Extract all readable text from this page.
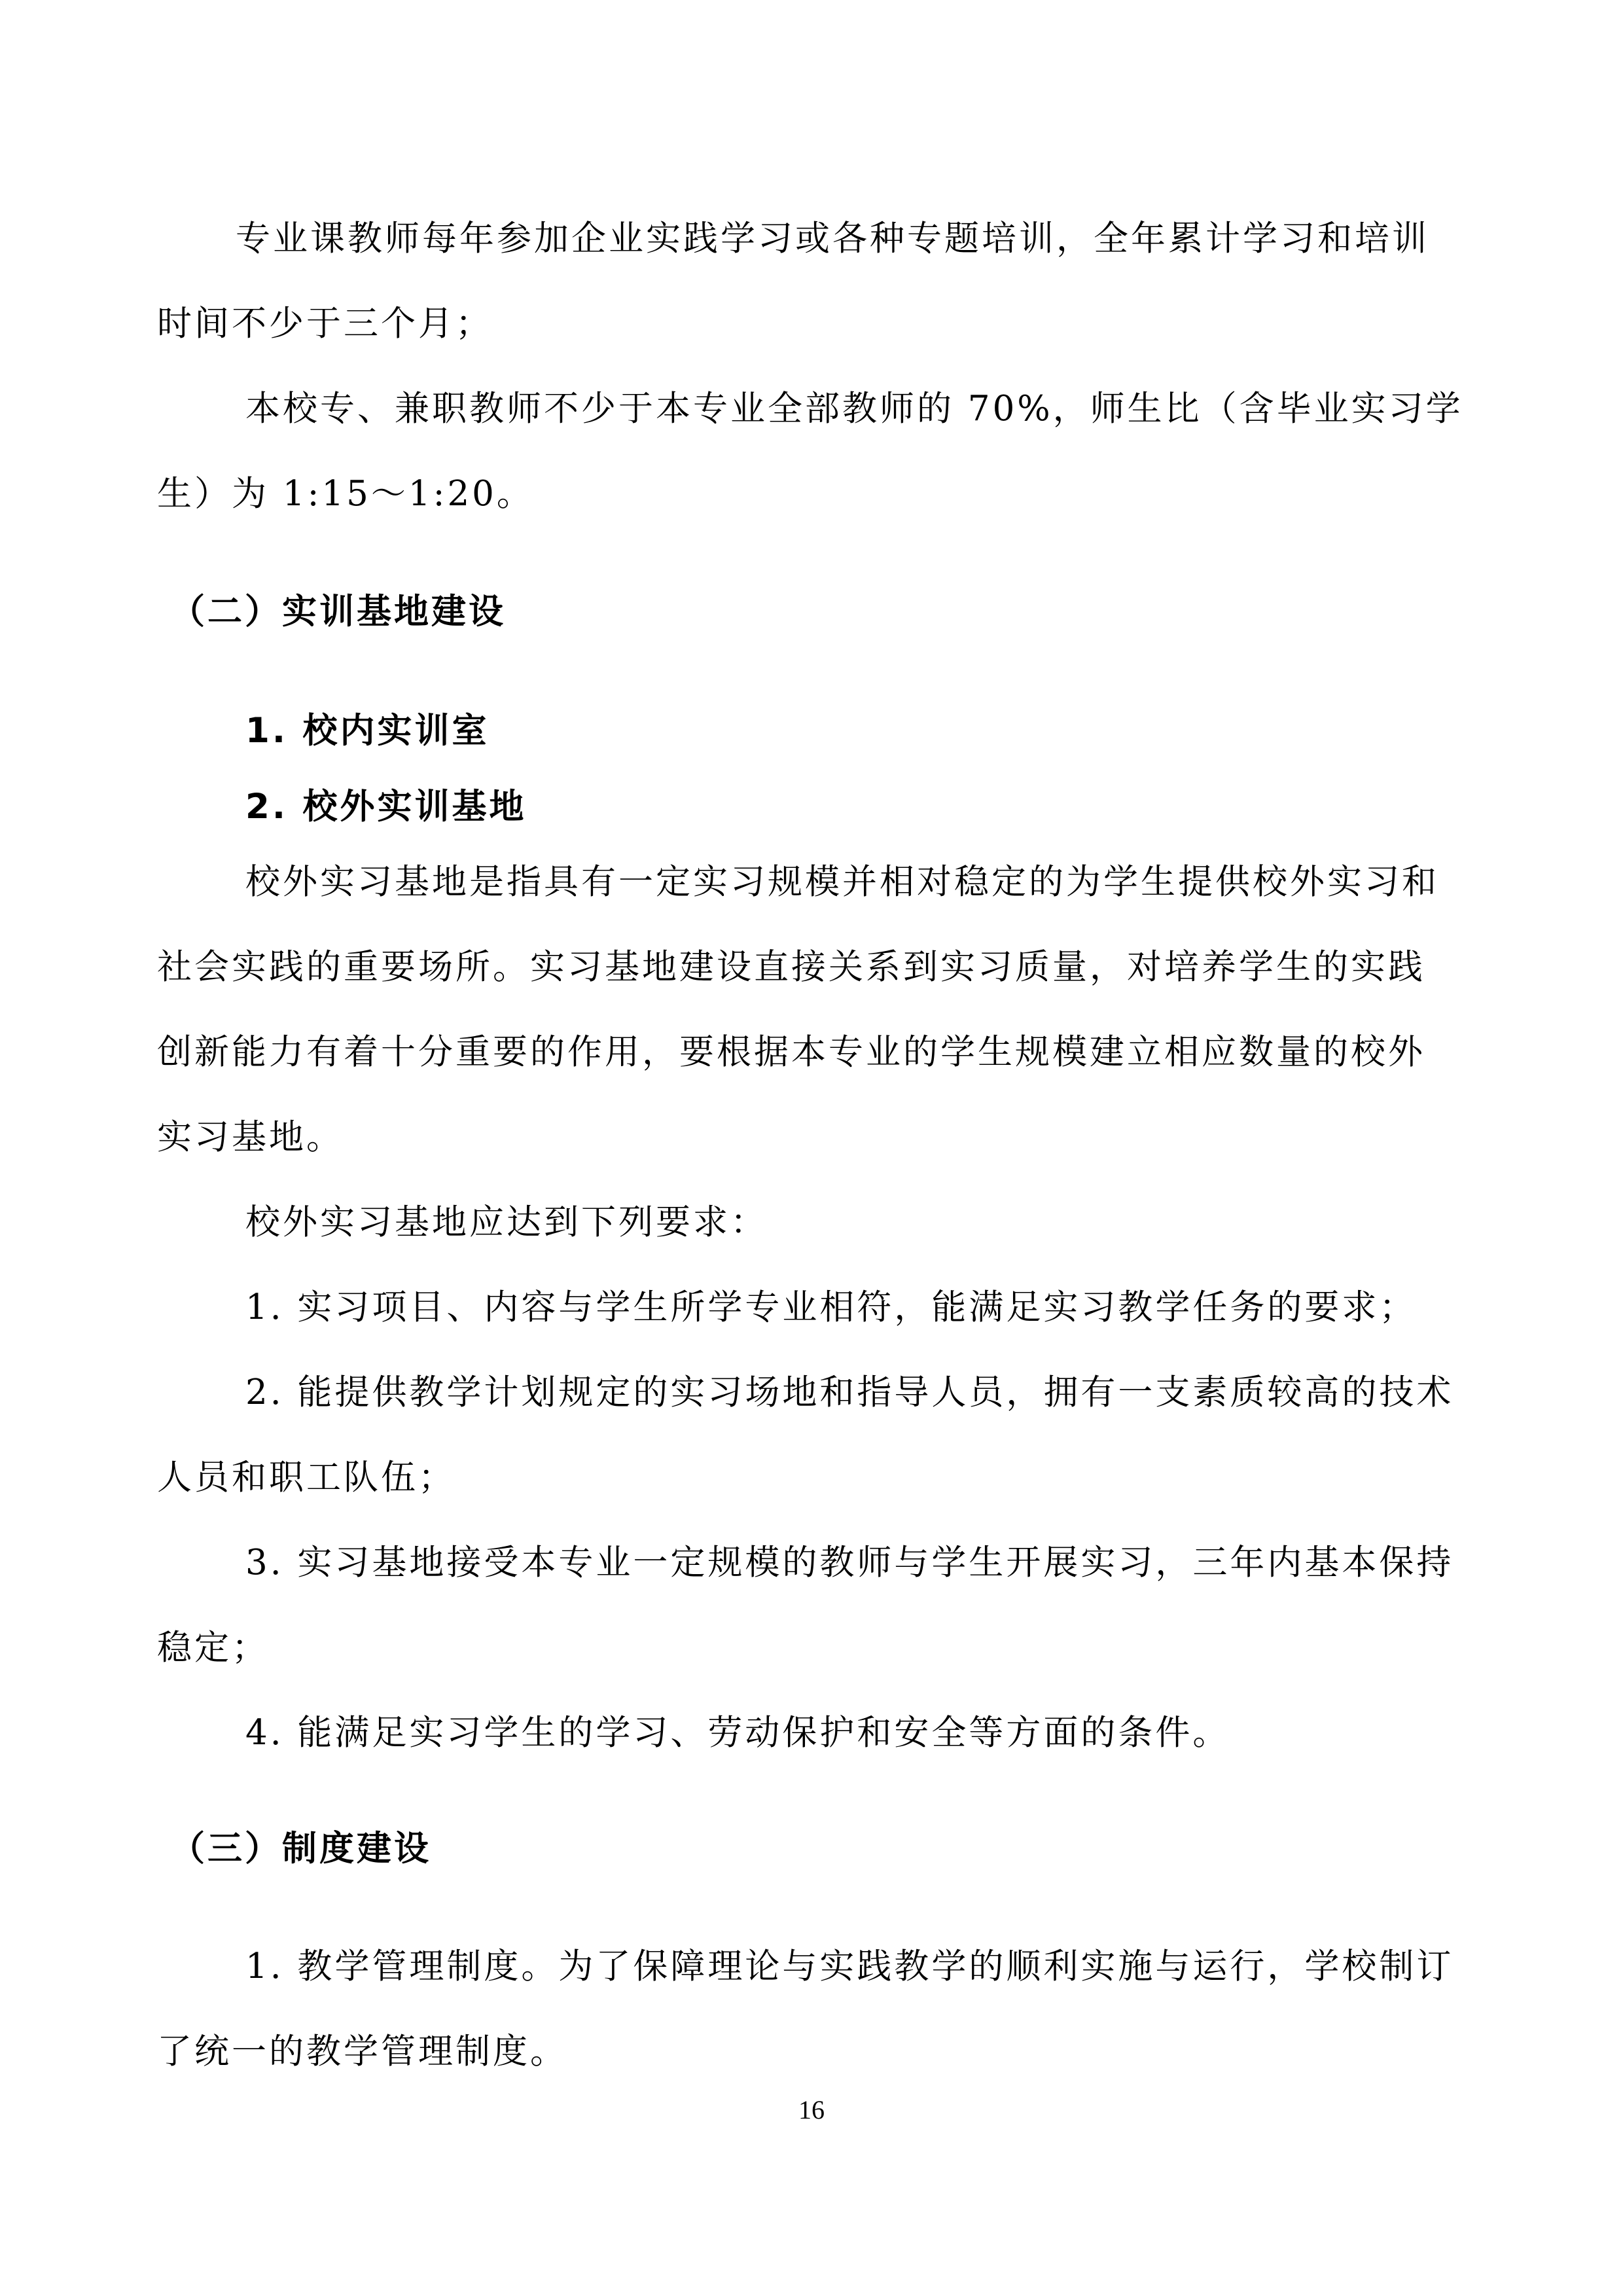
专业课教师每年参加企业实践学习或各种专题培训，全年累计学习和培训

时间不少于三个月；

本校专、兼职教师不少于本专业全部教师的 70%，师生比（含毕业实习学

生）为 1:15～1:20。

（二）实训基地建设

1. 校内实训室

2. 校外实训基地

校外实习基地是指具有一定实习规模并相对稳定的为学生提供校外实习和

社会实践的重要场所。实习基地建设直接关系到实习质量，对培养学生的实践

创新能力有着十分重要的作用，要根据本专业的学生规模建立相应数量的校外

实习基地。

校外实习基地应达到下列要求：

1. 实习项目、内容与学生所学专业相符，能满足实习教学任务的要求；

2. 能提供教学计划规定的实习场地和指导人员，拥有一支素质较高的技术

人员和职工队伍；

3. 实习基地接受本专业一定规模的教师与学生开展实习，三年内基本保持

稳定；

4. 能满足实习学生的学习、劳动保护和安全等方面的条件。

（三）制度建设

1. 教学管理制度。为了保障理论与实践教学的顺利实施与运行，学校制订

了统一的教学管理制度。

16
